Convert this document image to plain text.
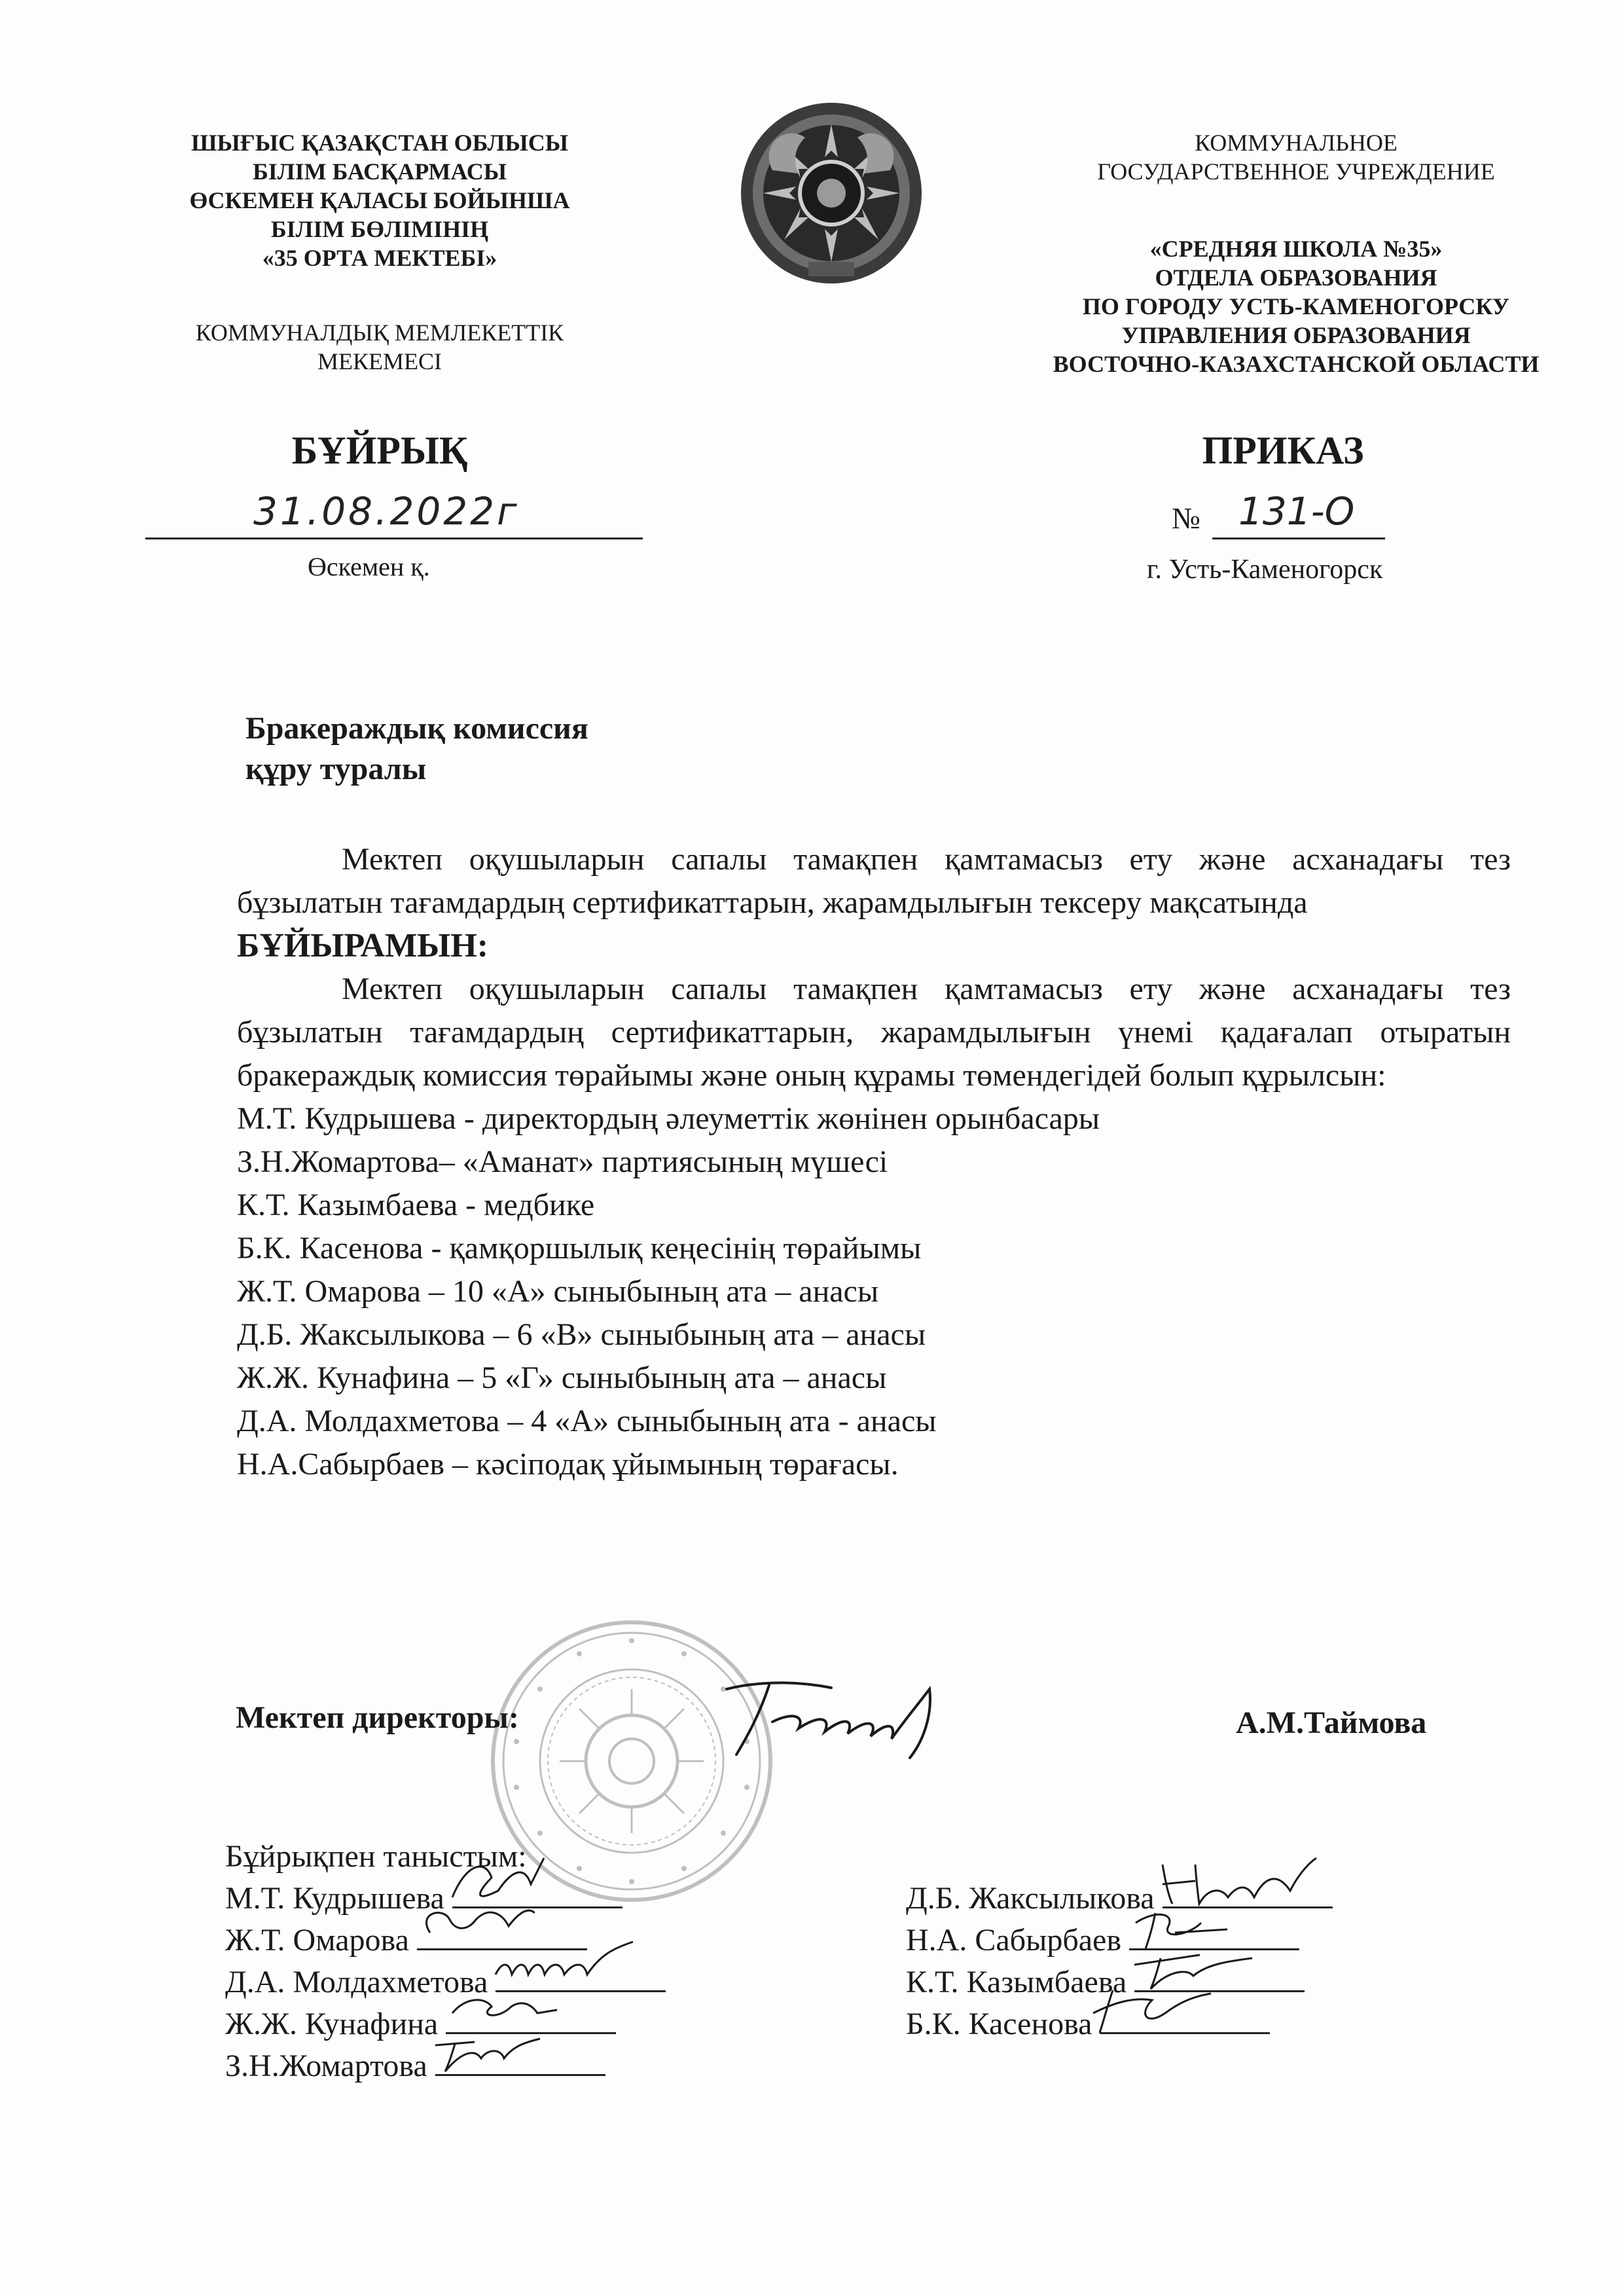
ШЫҒЫС ҚАЗАҚСТАН ОБЛЫСЫ
БІЛІМ БАСҚАРМАСЫ
ӨСКЕМЕН ҚАЛАСЫ БОЙЫНША
БІЛІМ БӨЛІМІНІҢ
«35 ОРТА МЕКТЕБІ»
КОММУНАЛДЫҚ МЕМЛЕКЕТТІК
МЕКЕМЕСІ
КОММУНАЛЬНОЕ
ГОСУДАРСТВЕННОЕ УЧРЕЖДЕНИЕ
«СРЕДНЯЯ ШКОЛА №35»
ОТДЕЛА ОБРАЗОВАНИЯ
ПО ГОРОДУ УСТЬ-КАМЕНОГОРСКУ
УПРАВЛЕНИЯ ОБРАЗОВАНИЯ
ВОСТОЧНО-КАЗАХСТАНСКОЙ ОБЛАСТИ
БҰЙРЫҚ	ПРИКАЗ
31.08.2022г
Өскемен қ.
№ 131-О
г. Усть-Каменогорск
Бракераждық комиссия
құру туралы
Мектеп оқушыларын сапалы тамақпен қамтамасыз ету және асханадағы тез бұзылатын тағамдардың сертификаттарын, жарамдылығын тексеру мақсатында
БҰЙЫРАМЫН:
Мектеп оқушыларын сапалы тамақпен қамтамасыз ету және асханадағы тез бұзылатын тағамдардың сертификаттарын, жарамдылығын үнемі қадағалап отыратын бракераждық комиссия төрайымы және оның құрамы төмендегідей болып құрылсын:
М.Т. Кудрышева - директордың әлеуметтік жөнінен орынбасары
З.Н.Жомартова– «Аманат» партиясының мүшесі
К.Т. Казымбаева - медбике
Б.К. Касенова - қамқоршылық кеңесінің төрайымы
Ж.Т. Омарова – 10 «А» сыныбының ата – анасы
Д.Б. Жаксылыкова – 6 «В» сыныбының ата – анасы
Ж.Ж. Кунафина – 5 «Г» сыныбының ата – анасы
Д.А. Молдахметова – 4 «А» сыныбының ата - анасы
Н.А.Сабырбаев – кәсіподақ ұйымының төрағасы.
Мектеп директоры:	А.М.Таймова
Бұйрықпен таныстым:
М.Т. Кудрышева
Ж.Т. Омарова
Д.А. Молдахметова
Ж.Ж. Кунафина
З.Н.Жомартова
Д.Б. Жаксылыкова
Н.А. Сабырбаев
К.Т. Казымбаева
Б.К. Касенова
